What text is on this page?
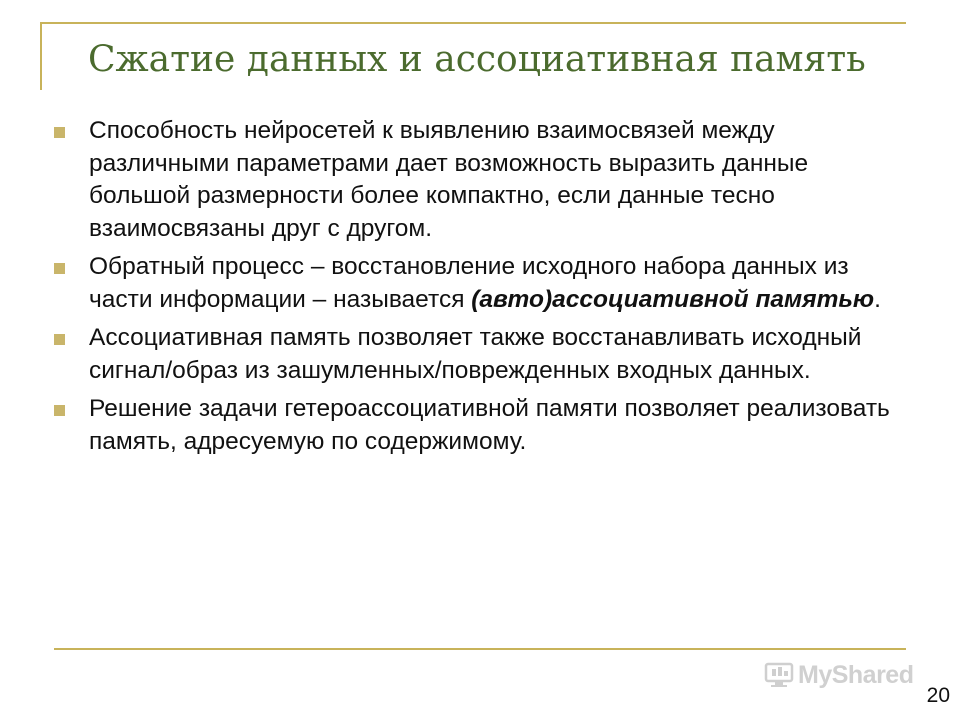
Сжатие данных и ассоциативная память
Способность нейросетей к выявлению взаимосвязей между различными параметрами дает возможность выразить данные большой размерности более компактно, если данные тесно взаимосвязаны друг с другом.
Обратный процесс – восстановление исходного набора данных из части информации – называется (авто)ассоциативной памятью.
Ассоциативная память позволяет также восстанавливать исходный сигнал/образ из зашумленных/поврежденных входных данных.
Решение задачи гетероассоциативной памяти позволяет реализовать память, адресуемую по содержимому.
MyShared
20
